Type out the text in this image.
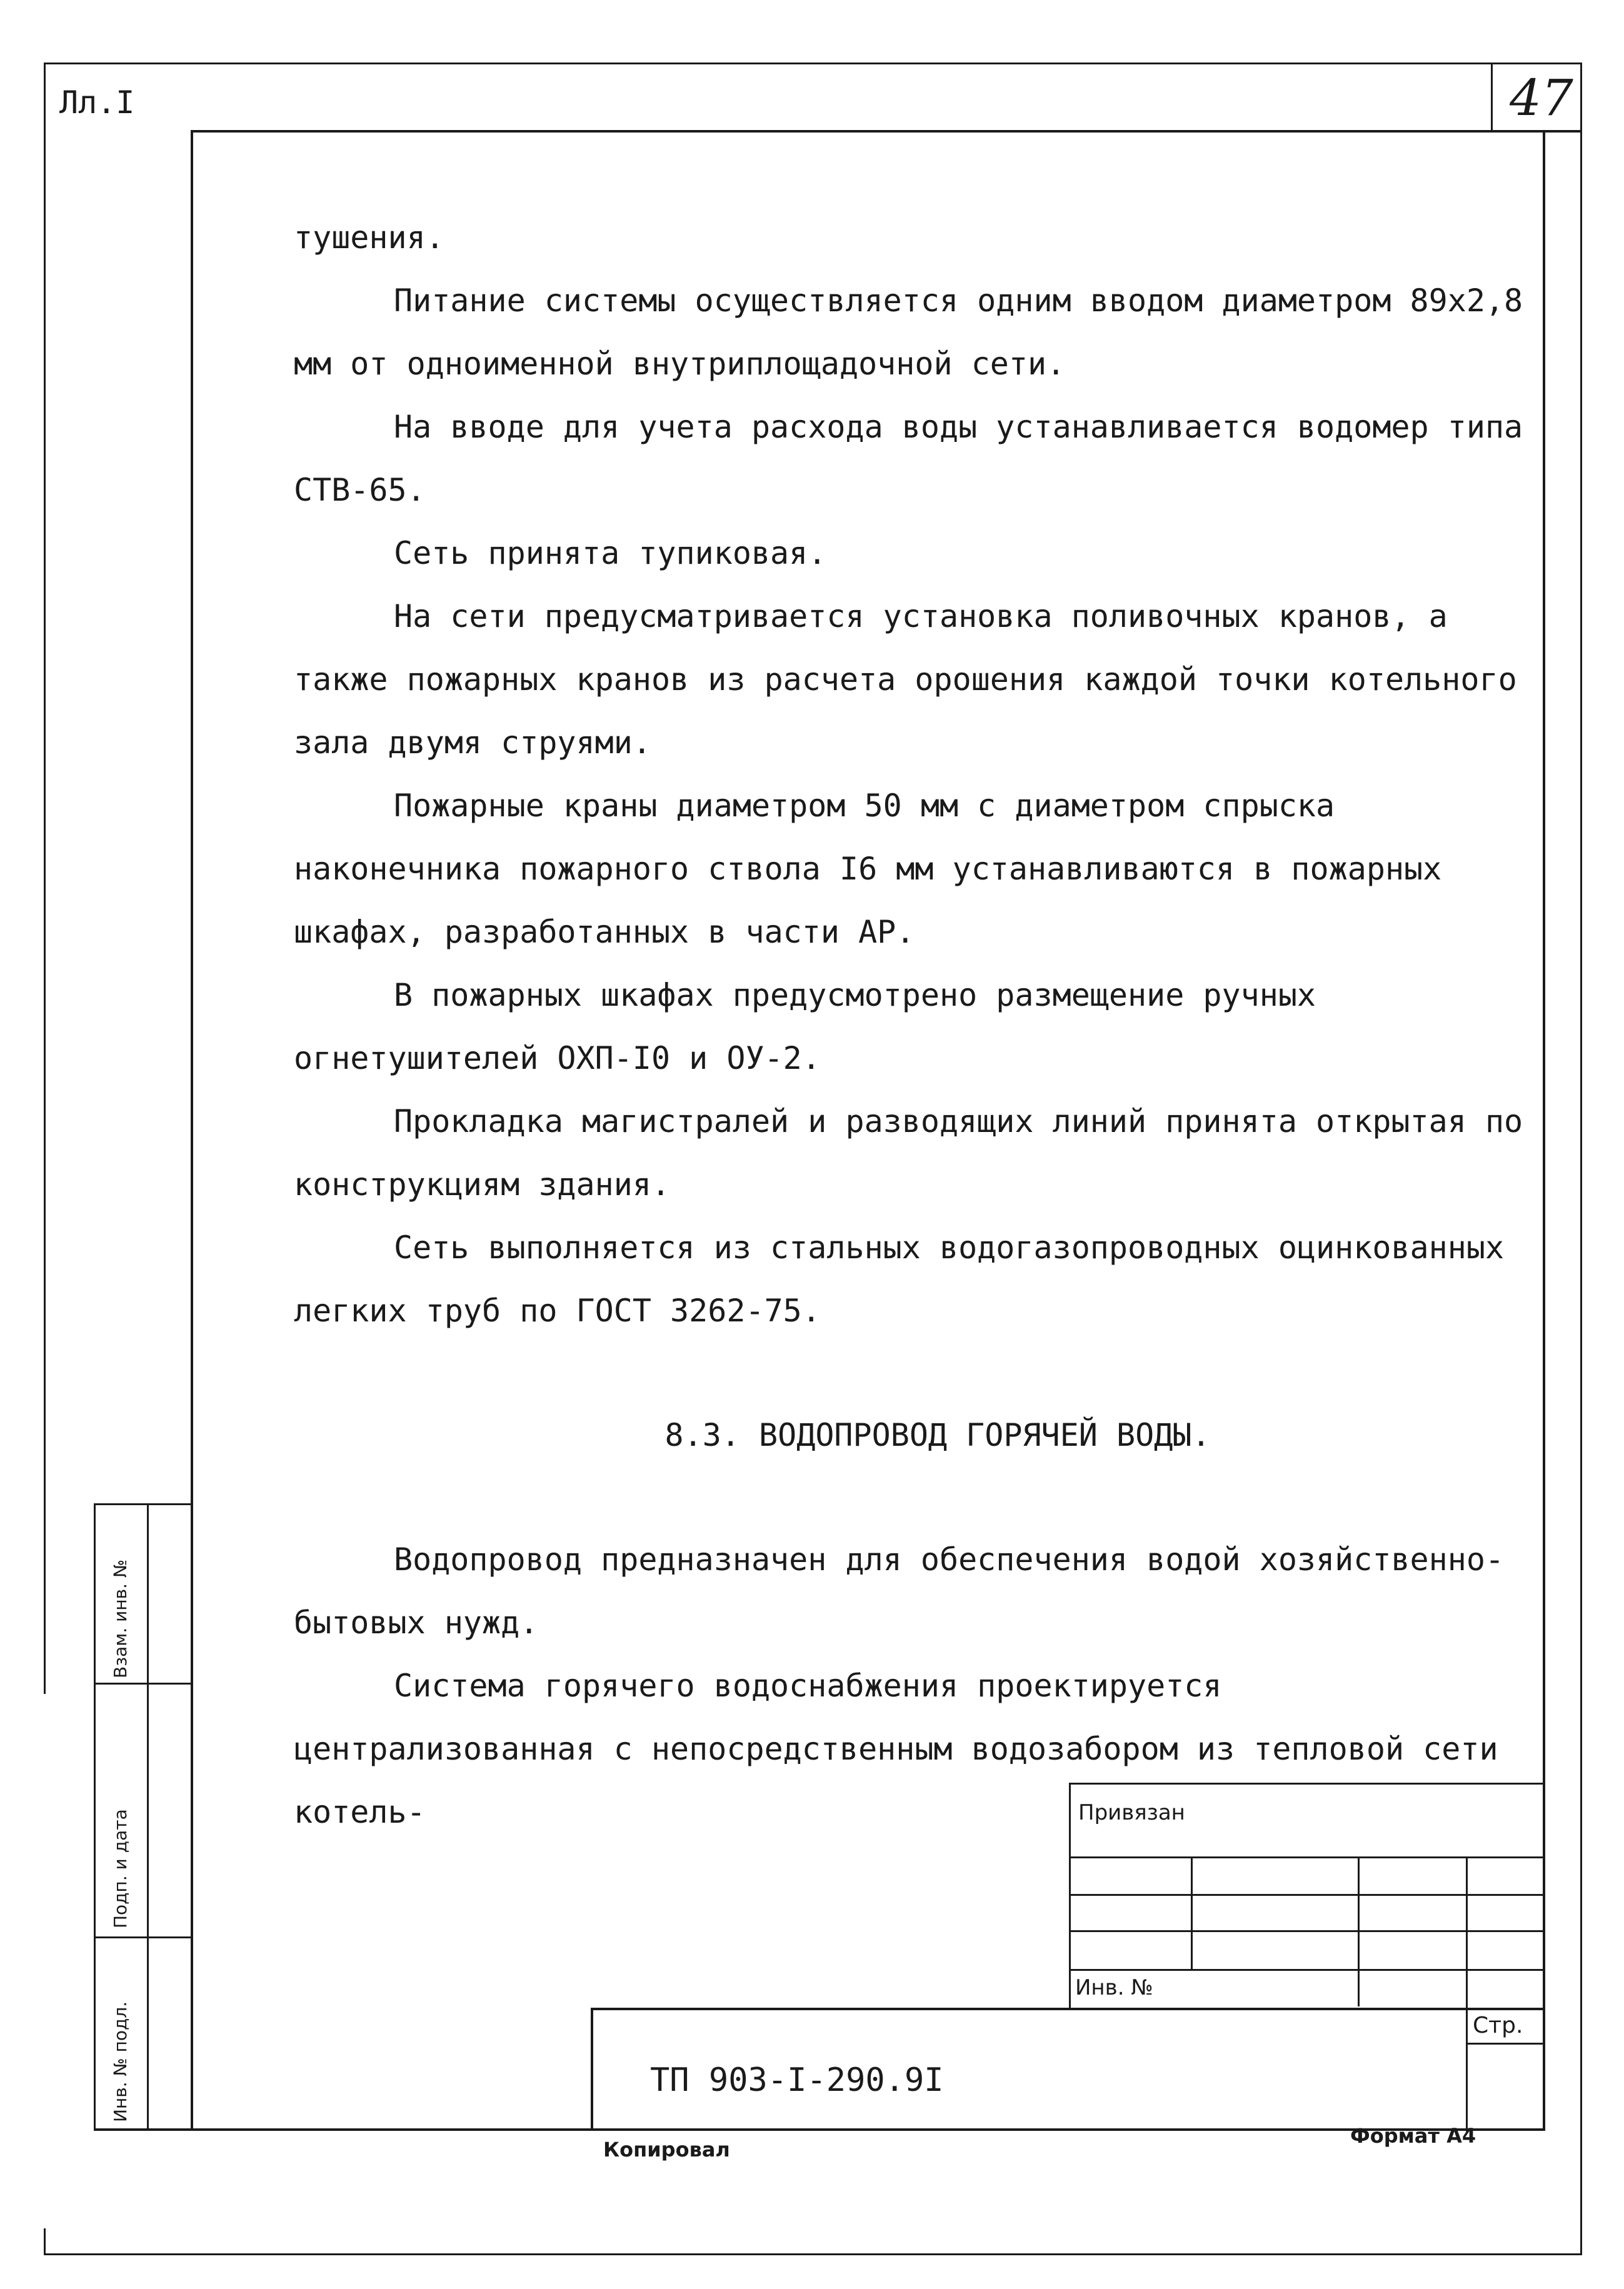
47
Лл.I

тушения.

Питание системы осуществляется одним вводом диаметром 89х2,8 мм от одноименной внутриплощадочной сети.

На вводе для учета расхода воды устанавливается водомер типа СТВ-65.

Сеть принята тупиковая.

На сети предусматривается установка поливочных кранов, а также пожарных кранов из расчета орошения каждой точки котельного зала двумя струями.

Пожарные краны диаметром 50 мм с диаметром спрыска наконечника пожарного ствола I6 мм устанавливаются в пожарных шкафах, разработанных в части АР.

В пожарных шкафах предусмотрено размещение ручных огнетушителей ОХП-I0 и ОУ-2.

Прокладка магистралей и разводящих линий принята открытая по конструкциям здания.

Сеть выполняется из стальных водогазопроводных оцинкованных легких труб по ГОСТ 3262-75.

8.3. ВОДОПРОВОД ГОРЯЧЕЙ ВОДЫ.

Водопровод предназначен для обеспечения водой хозяйственно-бытовых нужд.

Система горячего водоснабжения проектируется централизованная с непосредственным водозабором из тепловой сети котель-

Взам. инв. №
Подп. и дата
Инв. № подл.
Привязан
Инв. №
Стр.
ТП 903-I-290.9I
Копировал
Формат А4
